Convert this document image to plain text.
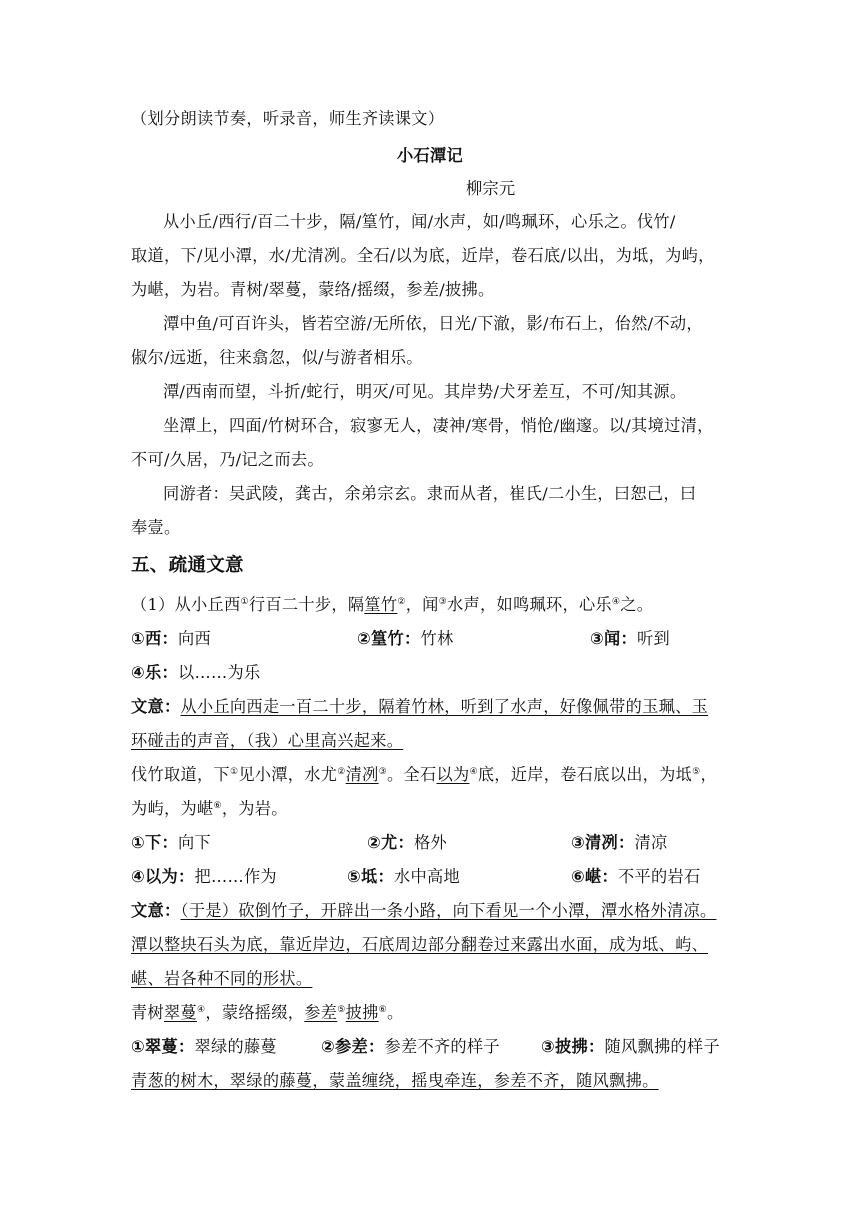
（划分朗读节奏，听录音，师生齐读课文）
小石潭记
柳宗元
从小丘/西行/百二十步，隔/篁竹，闻/水声，如/鸣珮环，心乐之。伐竹/
取道，下/见小潭，水/尤清冽。全石/以为底，近岸，卷石底/以出，为坻，为屿，
为嵁，为岩。青树/翠蔓，蒙络/摇缀，参差/披拂。
潭中鱼/可百许头，皆若空游/无所依，日光/下澈，影/布石上，佁然/不动，
俶尔/远逝，往来翕忽，似/与游者相乐。
潭/西南而望，斗折/蛇行，明灭/可见。其岸势/犬牙差互，不可/知其源。
坐潭上，四面/竹树环合，寂寥无人，凄神/寒骨，悄怆/幽邃。以/其境过清，
不可/久居，乃/记之而去。
同游者：吴武陵，龚古，余弟宗玄。隶而从者，崔氏/二小生，曰恕己，曰
奉壹。
五、疏通文意
（1）从小丘西①行百二十步，隔篁竹②，闻③水声，如鸣珮环，心乐④之。
①西：向西	②篁竹：竹林	③闻：听到
④乐：以……为乐
文意：从小丘向西走一百二十步，隔着竹林，听到了水声，好像佩带的玉珮、玉
环碰击的声音，（我）心里高兴起来。
伐竹取道，下①见小潭，水尤②清冽③。全石以为④底，近岸，卷石底以出，为坻⑤，
为屿，为嵁⑥，为岩。
①下：向下	②尤：格外	③清冽：清凉
④以为：把……作为	⑤坻：水中高地	⑥嵁：不平的岩石
文意：（于是）砍倒竹子，开辟出一条小路，向下看见一个小潭，潭水格外清凉。
潭以整块石头为底，靠近岸边，石底周边部分翻卷过来露出水面，成为坻、屿、
嵁、岩各种不同的形状。
青树翠蔓④，蒙络摇缀，参差⑤披拂⑥。
①翠蔓：翠绿的藤蔓	②参差：参差不齐的样子	③披拂：随风飘拂的样子
青葱的树木，翠绿的藤蔓，蒙盖缠绕，摇曳牵连，参差不齐，随风飘拂。
